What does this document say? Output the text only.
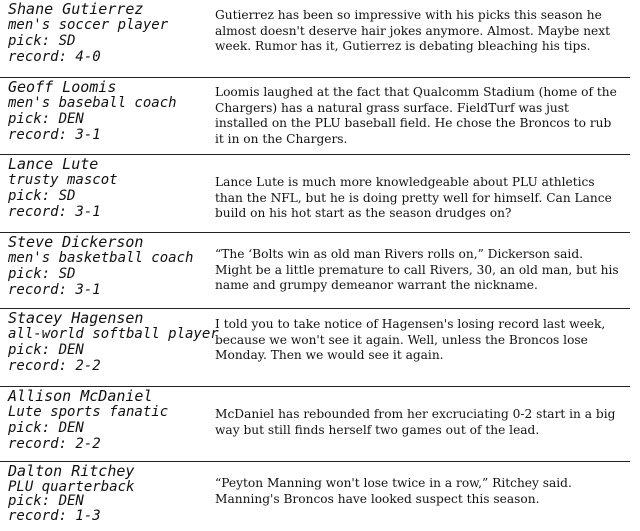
Shane Gutierrez
men's soccer player
pick: SD
record: 4-0
Gutierrez has been so impressive with his picks this season he almost doesn't deserve hair jokes anymore. Almost. Maybe next week. Rumor has it, Gutierrez is debating bleaching his tips.
Geoff Loomis
men's baseball coach
pick: DEN
record: 3-1
Loomis laughed at the fact that Qualcomm Stadium (home of the Chargers) has a natural grass surface. FieldTurf was just installed on the PLU baseball field. He chose the Broncos to rub it in on the Chargers.
Lance Lute
trusty mascot
pick: SD
record: 3-1
Lance Lute is much more knowledgeable about PLU athletics than the NFL, but he is doing pretty well for himself. Can Lance build on his hot start as the season drudges on?
Steve Dickerson
men's basketball coach
pick: SD
record: 3-1
“The ‘Bolts win as old man Rivers rolls on,” Dickerson said. Might be a little premature to call Rivers, 30, an old man, but his name and grumpy demeanor warrant the nickname.
Stacey Hagensen
all-world softball player
pick: DEN
record: 2-2
I told you to take notice of Hagensen's losing record last week, because we won't see it again. Well, unless the Broncos lose Monday. Then we would see it again.
Allison McDaniel
Lute sports fanatic
pick: DEN
record: 2-2
McDaniel has rebounded from her excruciating 0-2 start in a big way but still finds herself two games out of the lead.
Dalton Ritchey
PLU quarterback
pick: DEN
record: 1-3
“Peyton Manning won't lose twice in a row,” Ritchey said. Manning's Broncos have looked suspect this season.
